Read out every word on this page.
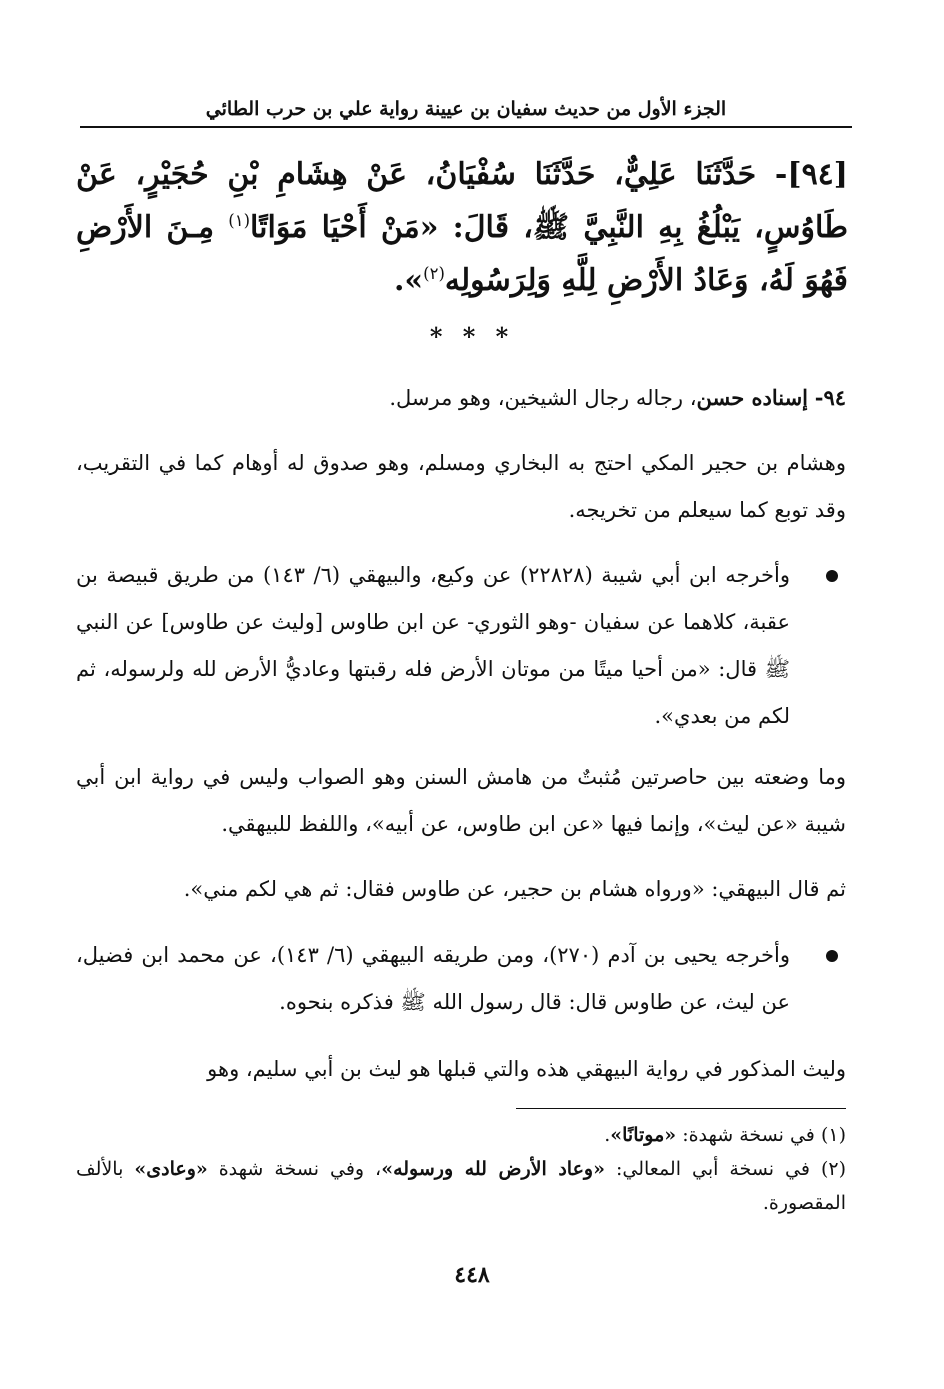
الجزء الأول من حديث سفيان بن عيينة رواية علي بن حرب الطائي
[٩٤]- حَدَّثَنَا عَلِيٌّ، حَدَّثَنَا سُفْيَانُ، عَنْ هِشَامِ بْنِ حُجَيْرٍ، عَنْ طَاوُسٍ، يَبْلُغُ بِهِ النَّبِيَّ ﷺ، قَالَ: «مَنْ أَحْيَا مَوَاتًا$^{(١)}$ مِـنَ الأَرْضِ فَهُوَ لَهُ، وَعَادُ الأَرْضِ لِلَّهِ وَلِرَسُولِه$^{(٢)}$».
* * *
٩٤- إسناده حسن، رجاله رجال الشيخين، وهو مرسل.
وهشام بن حجير المكي احتج به البخاري ومسلم، وهو صدوق له أوهام كما في التقريب، وقد توبع كما سيعلم من تخريجه.
وأخرجه ابن أبي شيبة (٢٢٨٢٨) عن وكيع، والبيهقي (٦/ ١٤٣) من طريق قبيصة بن عقبة، كلاهما عن سفيان -وهو الثوري- عن ابن طاوس [وليث عن طاوس] عن النبي ﷺ قال: «من أحيا ميتًا من موتان الأرض فله رقبتها وعاديُّ الأرض لله ولرسوله، ثم لكم من بعدي».
وما وضعته بين حاصرتين مُثبتٌ من هامش السنن وهو الصواب وليس في رواية ابن أبي شيبة «عن ليث»، وإنما فيها «عن ابن طاوس، عن أبيه»، واللفظ للبيهقي.
ثم قال البيهقي: «ورواه هشام بن حجير، عن طاوس فقال: ثم هي لكم مني».
وأخرجه يحيى بن آدم (٢٧٠)، ومن طريقه البيهقي (٦/ ١٤٣)، عن محمد ابن فضيل، عن ليث، عن طاوس قال: قال رسول الله ﷺ فذكره بنحوه.
وليث المذكور في رواية البيهقي هذه والتي قبلها هو ليث بن أبي سليم، وهو
(١) في نسخة شهدة: «موتانًا».
(٢) في نسخة أبي المعالي: «وعاد الأرض لله ورسوله»، وفي نسخة شهدة «وعادى» بالألف المقصورة.
٤٤٨
